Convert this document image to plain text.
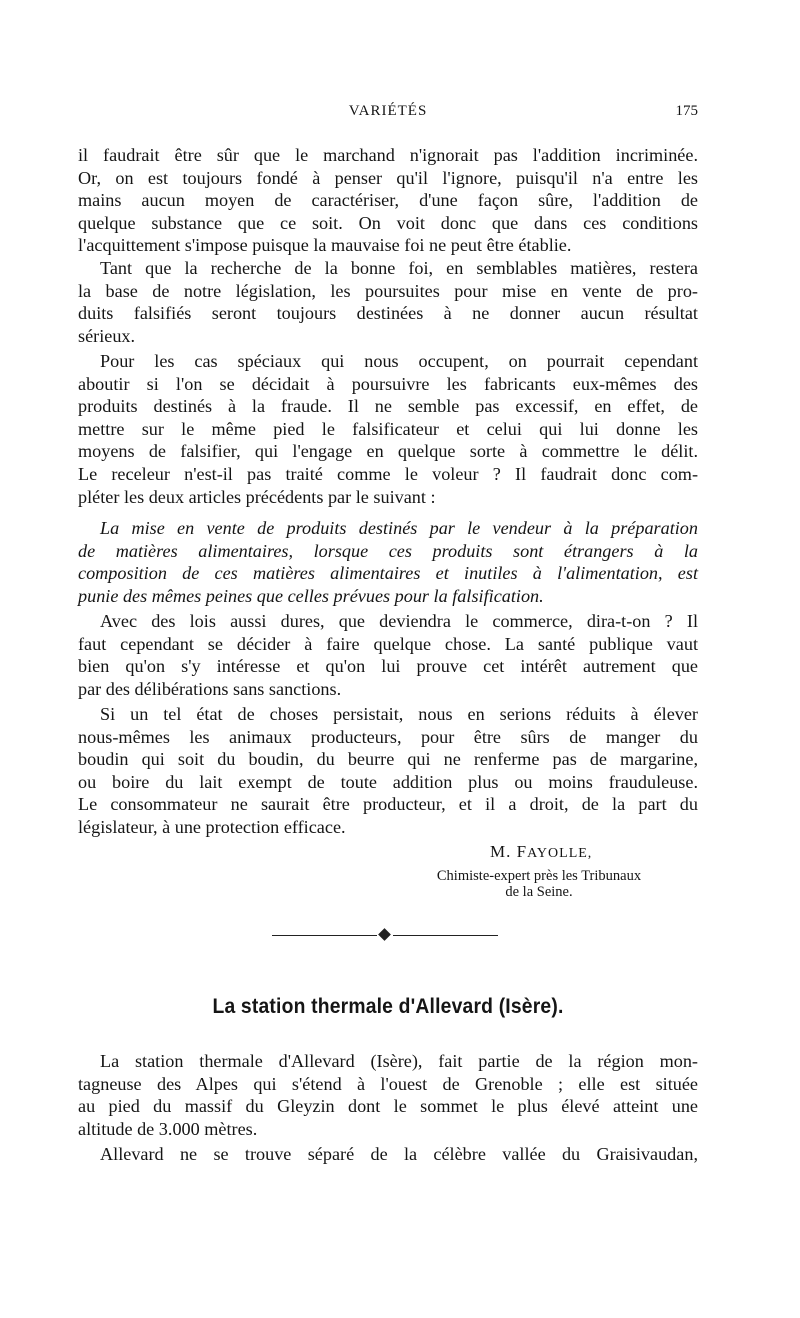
VARIÉTÉS	175
il faudrait être sûr que le marchand n'ignorait pas l'addition incriminée.
Or, on est toujours fondé à penser qu'il l'ignore, puisqu'il n'a entre les
mains aucun moyen de caractériser, d'une façon sûre, l'addition de
quelque substance que ce soit. On voit donc que dans ces conditions
l'acquittement s'impose puisque la mauvaise foi ne peut être établie.
Tant que la recherche de la bonne foi, en semblables matières, restera
la base de notre législation, les poursuites pour mise en vente de pro-
duits falsifiés seront toujours destinées à ne donner aucun résultat
sérieux.
Pour les cas spéciaux qui nous occupent, on pourrait cependant
aboutir si l'on se décidait à poursuivre les fabricants eux-mêmes des
produits destinés à la fraude. Il ne semble pas excessif, en effet, de
mettre sur le même pied le falsificateur et celui qui lui donne les
moyens de falsifier, qui l'engage en quelque sorte à commettre le délit.
Le receleur n'est-il pas traité comme le voleur ? Il faudrait donc com-
pléter les deux articles précédents par le suivant :
La mise en vente de produits destinés par le vendeur à la préparation
de matières alimentaires, lorsque ces produits sont étrangers à la
composition de ces matières alimentaires et inutiles à l'alimentation, est
punie des mêmes peines que celles prévues pour la falsification.
Avec des lois aussi dures, que deviendra le commerce, dira-t-on ? Il
faut cependant se décider à faire quelque chose. La santé publique vaut
bien qu'on s'y intéresse et qu'on lui prouve cet intérêt autrement que
par des délibérations sans sanctions.
Si un tel état de choses persistait, nous en serions réduits à élever
nous-mêmes les animaux producteurs, pour être sûrs de manger du
boudin qui soit du boudin, du beurre qui ne renferme pas de margarine,
ou boire du lait exempt de toute addition plus ou moins frauduleuse.
Le consommateur ne saurait être producteur, et il a droit, de la part du
législateur, à une protection efficace.
M. FAYOLLE,
Chimiste-expert près les Tribunaux
de la Seine.
La station thermale d'Allevard (Isère).
La station thermale d'Allevard (Isère), fait partie de la région mon-
tagneuse des Alpes qui s'étend à l'ouest de Grenoble ; elle est située
au pied du massif du Gleyzin dont le sommet le plus élevé atteint une
altitude de 3.000 mètres.
Allevard ne se trouve séparé de la célèbre vallée du Graisivaudan,
